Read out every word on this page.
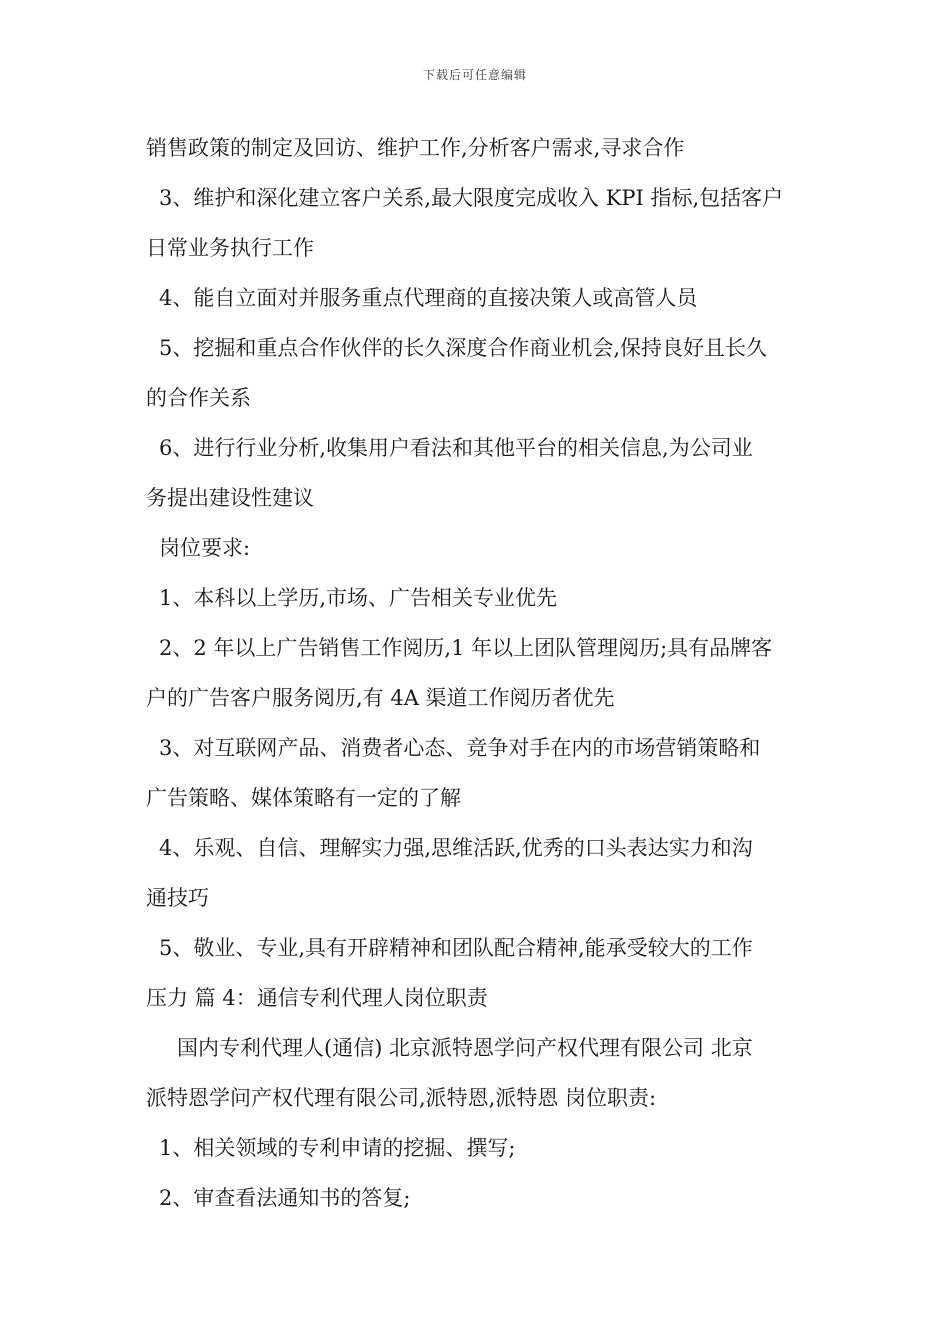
下载后可任意编辑
销售政策的制定及回访、维护工作,分析客户需求,寻求合作
3、维护和深化建立客户关系,最大限度完成收入 KPI 指标,包括客户
日常业务执行工作
4、能自立面对并服务重点代理商的直接决策人或高管人员
5、挖掘和重点合作伙伴的长久深度合作商业机会,保持良好且长久
的合作关系
6、进行行业分析,收集用户看法和其他平台的相关信息,为公司业
务提出建设性建议
岗位要求:
1、本科以上学历,市场、广告相关专业优先
2、2 年以上广告销售工作阅历,1 年以上团队管理阅历;具有品牌客
户的广告客户服务阅历,有 4A 渠道工作阅历者优先
3、对互联网产品、消费者心态、竞争对手在内的市场营销策略和
广告策略、媒体策略有一定的了解
4、乐观、自信、理解实力强,思维活跃,优秀的口头表达实力和沟
通技巧
5、敬业、专业,具有开辟精神和团队配合精神,能承受较大的工作
压力 篇 4：通信专利代理人岗位职责
国内专利代理人(通信) 北京派特恩学问产权代理有限公司 北京
派特恩学问产权代理有限公司,派特恩,派特恩 岗位职责:
1、相关领域的专利申请的挖掘、撰写;
2、审查看法通知书的答复;
